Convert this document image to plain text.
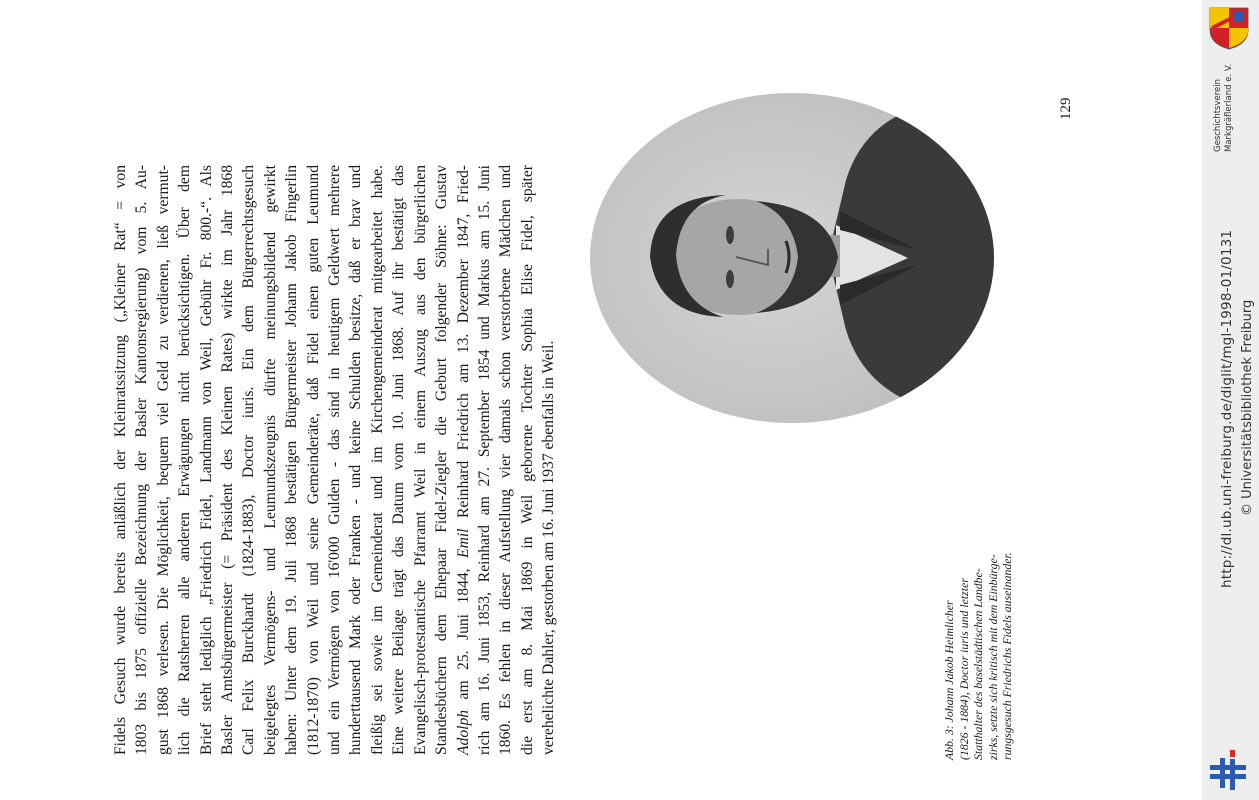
Fidels Gesuch wurde bereits anläßlich der Kleinratssitzung („Kleiner Rat“ = von 1803 bis 1875 offizielle Bezeichnung der Basler Kantonsregierung) vom 5. Au- gust 1868 verlesen. Die Möglichkeit, bequem viel Geld zu verdienen, ließ vermut- lich die Ratsherren alle anderen Erwägungen nicht berücksichtigen. Über dem Brief steht lediglich „Friedrich Fidel, Landmann von Weil, Gebühr Fr. 800.-“. Als Basler Amtsbürgermeister (= Präsident des Kleinen Rates) wirkte im Jahr 1868 Carl Felix Burckhardt (1824-1883), Doctor iuris. Ein dem Bürgerrechtsgesuch beigelegtes Vermögens- und Leumundszeugnis dürfte meinungsbildend gewirkt haben: Unter dem 19. Juli 1868 bestätigen Bürgermeister Johann Jakob Fingerlin (1812-1870) von Weil und seine Gemeinderäte, daß Fidel einen guten Leumund und ein Vermögen von 16'000 Gulden - das sind in heutigem Geldwert mehrere hunderttausend Mark oder Franken - und keine Schulden besitze, daß er brav und fleißig sei sowie im Gemeinderat und im Kirchengemeinderat mitgearbeitet habe. Eine weitere Beilage trägt das Datum vom 10. Juni 1868. Auf ihr bestätigt das Evangelisch-protestantische Pfarramt Weil in einem Auszug aus den bürgerlichen Standesbüchern dem Ehepaar Fidel-Ziegler die Geburt folgender Söhne: Gustav Adolph am 25. Juni 1844, Emil Reinhard Friedrich am 13. Dezember 1847, Fried- rich am 16. Juni 1853, Reinhard am 27. September 1854 und Markus am 15. Juni 1860. Es fehlen in dieser Aufstellung vier damals schon verstorbene Mädchen und die erst am 8. Mai 1869 in Weil geborene Tochter Sophia Elise Fidel, später verehelichte Dahler, gestorben am 16. Juni 1937 ebenfalls in Weil.	Abb. 3: Johann Jakob Heimlicher (1826 - 1884), Doctor iuris und letzter Statthalter des baselstädtischen Landbe- zirks, setzte sich kritisch mit dem Einbürge- rungsgesuch Friedrichs Fidels auseinander.
129	Geschichtsverein Markgräflerland e. V.
http://dl.ub.uni-freiburg.de/diglit/mgl-1998-01/0131 © Universitätsbibliothek Freiburg
